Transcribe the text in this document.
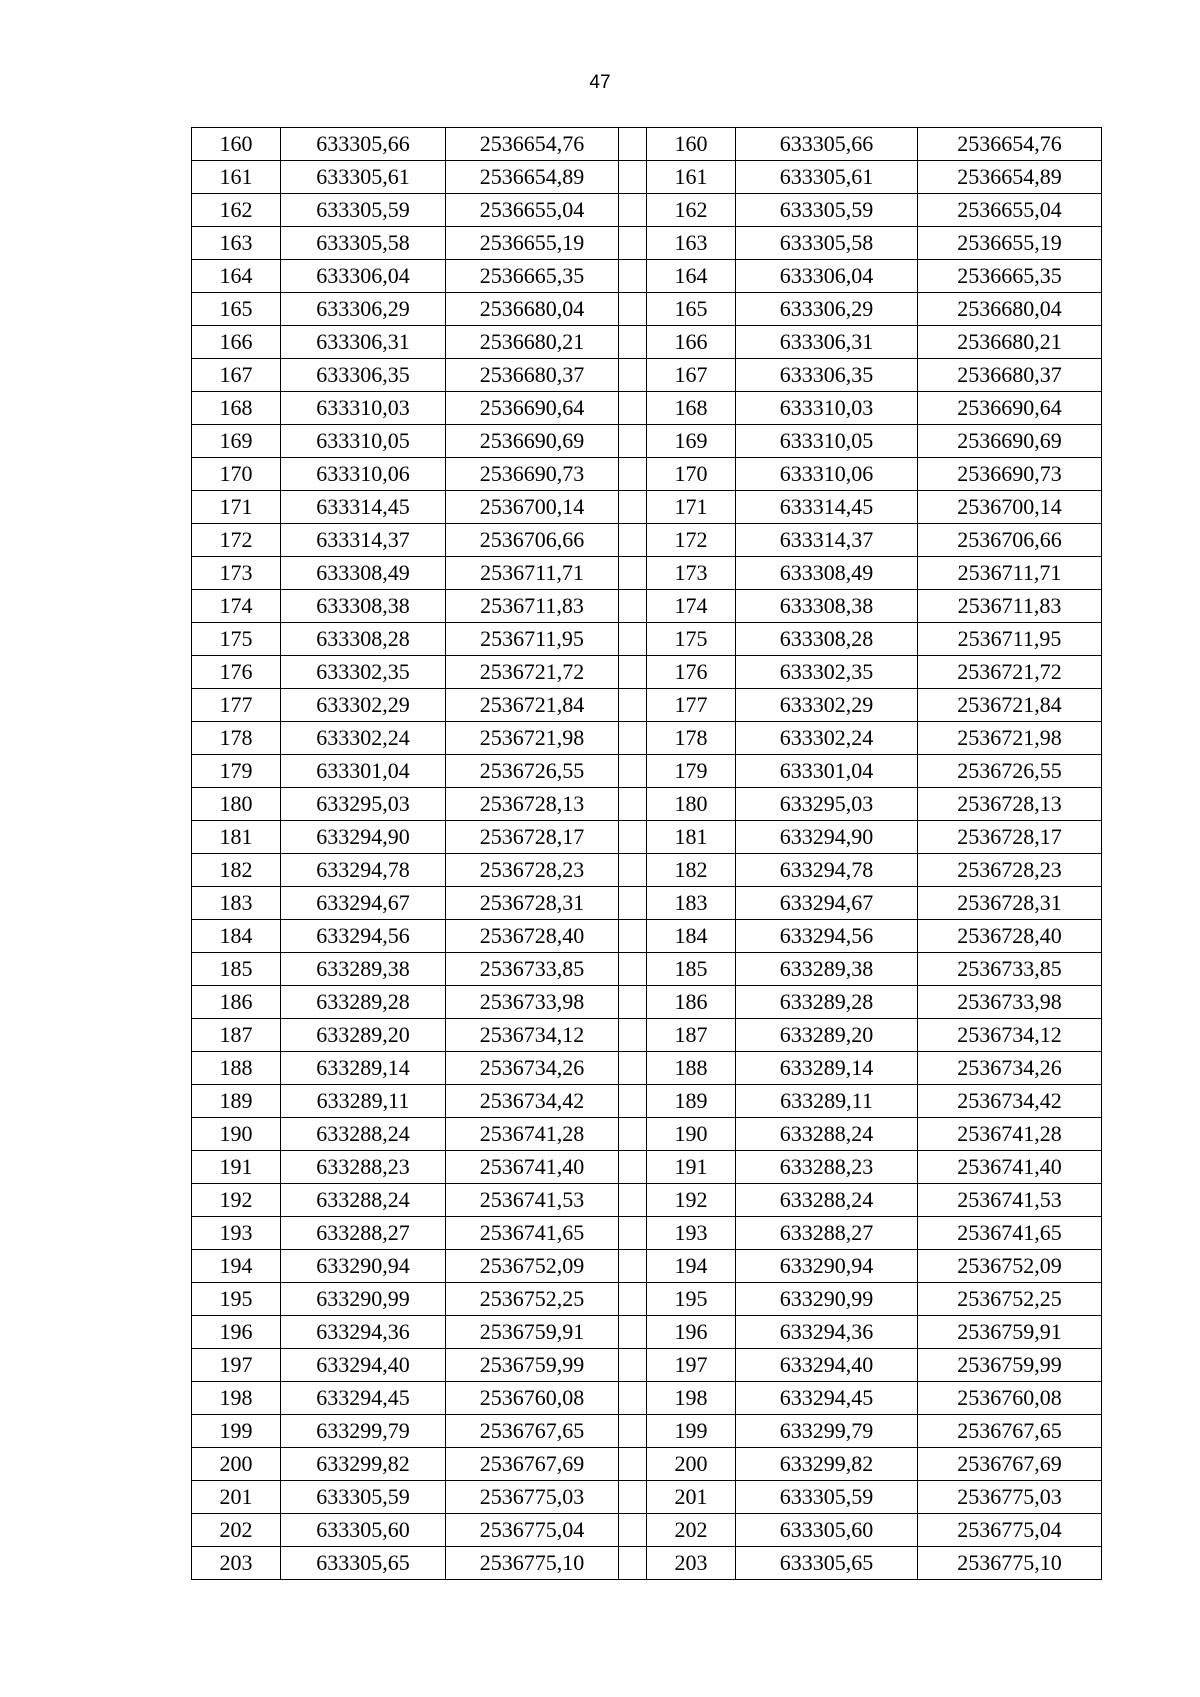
47
160	633305,66	2536654,76		160	633305,66	2536654,76
161	633305,61	2536654,89		161	633305,61	2536654,89
162	633305,59	2536655,04		162	633305,59	2536655,04
163	633305,58	2536655,19		163	633305,58	2536655,19
164	633306,04	2536665,35		164	633306,04	2536665,35
165	633306,29	2536680,04		165	633306,29	2536680,04
166	633306,31	2536680,21		166	633306,31	2536680,21
167	633306,35	2536680,37		167	633306,35	2536680,37
168	633310,03	2536690,64		168	633310,03	2536690,64
169	633310,05	2536690,69		169	633310,05	2536690,69
170	633310,06	2536690,73		170	633310,06	2536690,73
171	633314,45	2536700,14		171	633314,45	2536700,14
172	633314,37	2536706,66		172	633314,37	2536706,66
173	633308,49	2536711,71		173	633308,49	2536711,71
174	633308,38	2536711,83		174	633308,38	2536711,83
175	633308,28	2536711,95		175	633308,28	2536711,95
176	633302,35	2536721,72		176	633302,35	2536721,72
177	633302,29	2536721,84		177	633302,29	2536721,84
178	633302,24	2536721,98		178	633302,24	2536721,98
179	633301,04	2536726,55		179	633301,04	2536726,55
180	633295,03	2536728,13		180	633295,03	2536728,13
181	633294,90	2536728,17		181	633294,90	2536728,17
182	633294,78	2536728,23		182	633294,78	2536728,23
183	633294,67	2536728,31		183	633294,67	2536728,31
184	633294,56	2536728,40		184	633294,56	2536728,40
185	633289,38	2536733,85		185	633289,38	2536733,85
186	633289,28	2536733,98		186	633289,28	2536733,98
187	633289,20	2536734,12		187	633289,20	2536734,12
188	633289,14	2536734,26		188	633289,14	2536734,26
189	633289,11	2536734,42		189	633289,11	2536734,42
190	633288,24	2536741,28		190	633288,24	2536741,28
191	633288,23	2536741,40		191	633288,23	2536741,40
192	633288,24	2536741,53		192	633288,24	2536741,53
193	633288,27	2536741,65		193	633288,27	2536741,65
194	633290,94	2536752,09		194	633290,94	2536752,09
195	633290,99	2536752,25		195	633290,99	2536752,25
196	633294,36	2536759,91		196	633294,36	2536759,91
197	633294,40	2536759,99		197	633294,40	2536759,99
198	633294,45	2536760,08		198	633294,45	2536760,08
199	633299,79	2536767,65		199	633299,79	2536767,65
200	633299,82	2536767,69		200	633299,82	2536767,69
201	633305,59	2536775,03		201	633305,59	2536775,03
202	633305,60	2536775,04		202	633305,60	2536775,04
203	633305,65	2536775,10		203	633305,65	2536775,10
